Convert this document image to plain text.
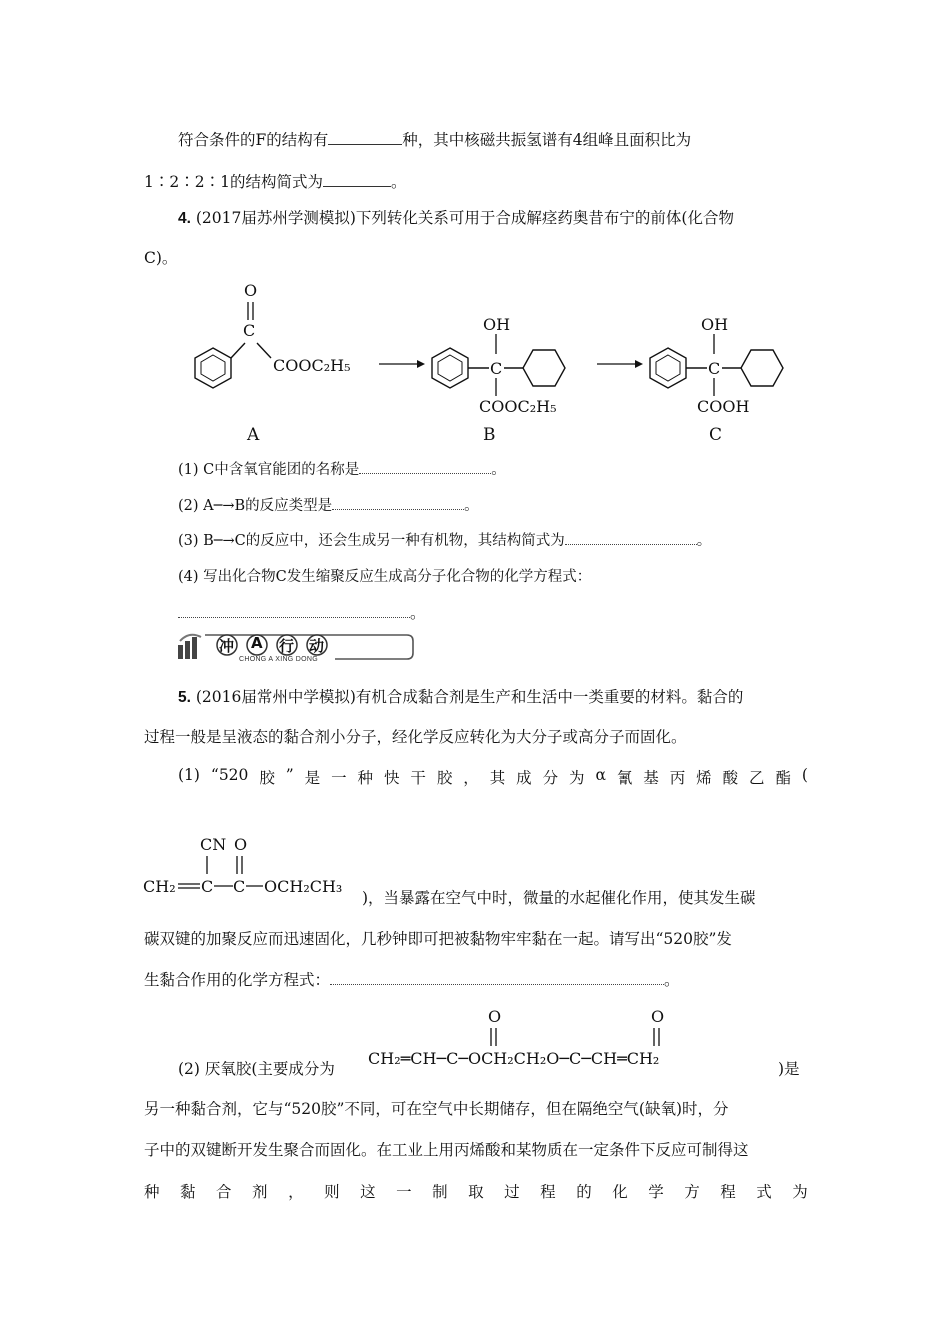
符合条件的F的结构有	种，其中核磁共振氢谱有4组峰且面积比为
1∶2∶2∶1的结构简式为	。
4. (2017届苏州学测模拟)下列转化关系可用于合成解痉药奥昔布宁的前体(化合物
C)。
C
O
COOC₂H₅
A
C
OH
COOC₂H₅
B
C
OH
COOH
C
(1) C中含氧官能团的名称是	。
(2) A─→B的反应类型是	。
(3) B─→C的反应中，还会生成另一种有机物，其结构简式为	。
(4) 写出化合物C发生缩聚反应生成高分子化合物的化学方程式：
。
冲 A 行 动
CHONG A XING DONG
5. (2016届常州中学模拟)有机合成黏合剂是生产和生活中一类重要的材料。黏合的
过程一般是呈液态的黏合剂小分子，经化学反应转化为大分子或高分子而固化。
(1) “520 胶 ” 是 一 种 快 干 胶 ， 其 成 分 为 α 氰 基 丙 烯 酸 乙 酯 (
CN O
CH₂ C C OCH₂CH₃
)，当暴露在空气中时，微量的水起催化作用，使其发生碳
碳双键的加聚反应而迅速固化，几秒钟即可把被黏物牢牢黏在一起。请写出“520胶”发
生黏合作用的化学方程式：	。
(2) 厌氧胶(主要成分为
O	O
CH₂═CH─C─OCH₂CH₂O─C─CH═CH₂
)是
另一种黏合剂，它与“520胶”不同，可在空气中长期储存，但在隔绝空气(缺氧)时，分
子中的双键断开发生聚合而固化。在工业上用丙烯酸和某物质在一定条件下反应可制得这
种 黏 合 剂 ， 则 这 一 制 取 过 程 的 化 学 方 程 式 为
